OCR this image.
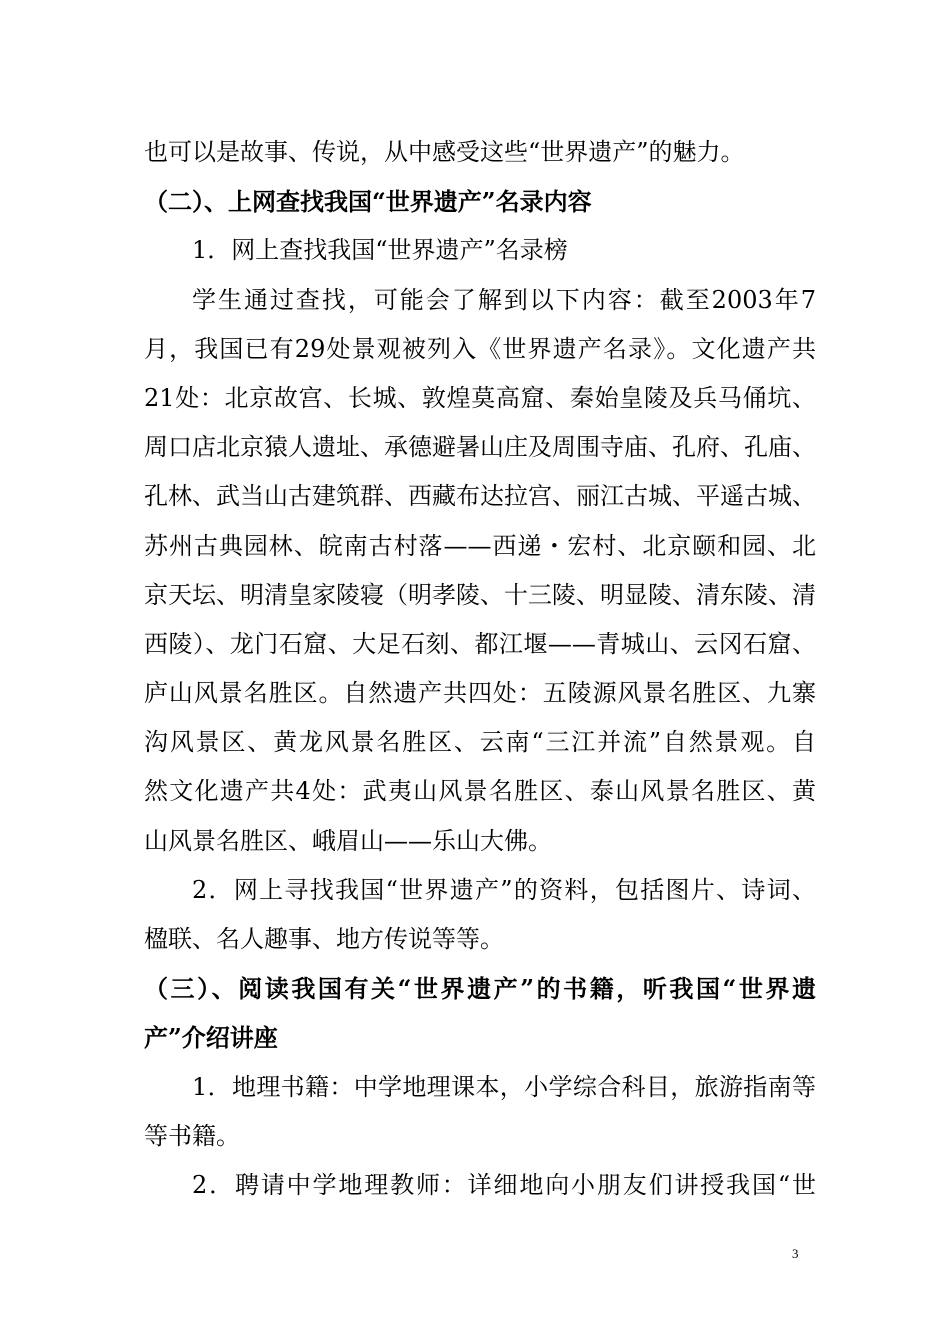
也可以是故事、传说，从中感受这些“世界遗产”的魅力。
（二）、上网查找我国“世界遗产”名录内容
1．网上查找我国“世界遗产”名录榜
学生通过查找，可能会了解到以下内容：截至2003年7
月，我国已有29处景观被列入《世界遗产名录》。文化遗产共
21处：北京故宫、长城、敦煌莫高窟、秦始皇陵及兵马俑坑、
周口店北京猿人遗址、承德避暑山庄及周围寺庙、孔府、孔庙、
孔林、武当山古建筑群、西藏布达拉宫、丽江古城、平遥古城、
苏州古典园林、皖南古村落——西递・宏村、北京颐和园、北
京天坛、明清皇家陵寝（明孝陵、十三陵、明显陵、清东陵、清
西陵）、龙门石窟、大足石刻、都江堰——青城山、云冈石窟、
庐山风景名胜区。自然遗产共四处：五陵源风景名胜区、九寨
沟风景区、黄龙风景名胜区、云南“三江并流”自然景观。自
然文化遗产共4处：武夷山风景名胜区、泰山风景名胜区、黄
山风景名胜区、峨眉山——乐山大佛。
2．网上寻找我国“世界遗产”的资料，包括图片、诗词、
楹联、名人趣事、地方传说等等。
（三）、阅读我国有关“世界遗产”的书籍，听我国“世界遗
产”介绍讲座
1．地理书籍：中学地理课本，小学综合科目，旅游指南等
等书籍。
2．聘请中学地理教师：详细地向小朋友们讲授我国“世
3
